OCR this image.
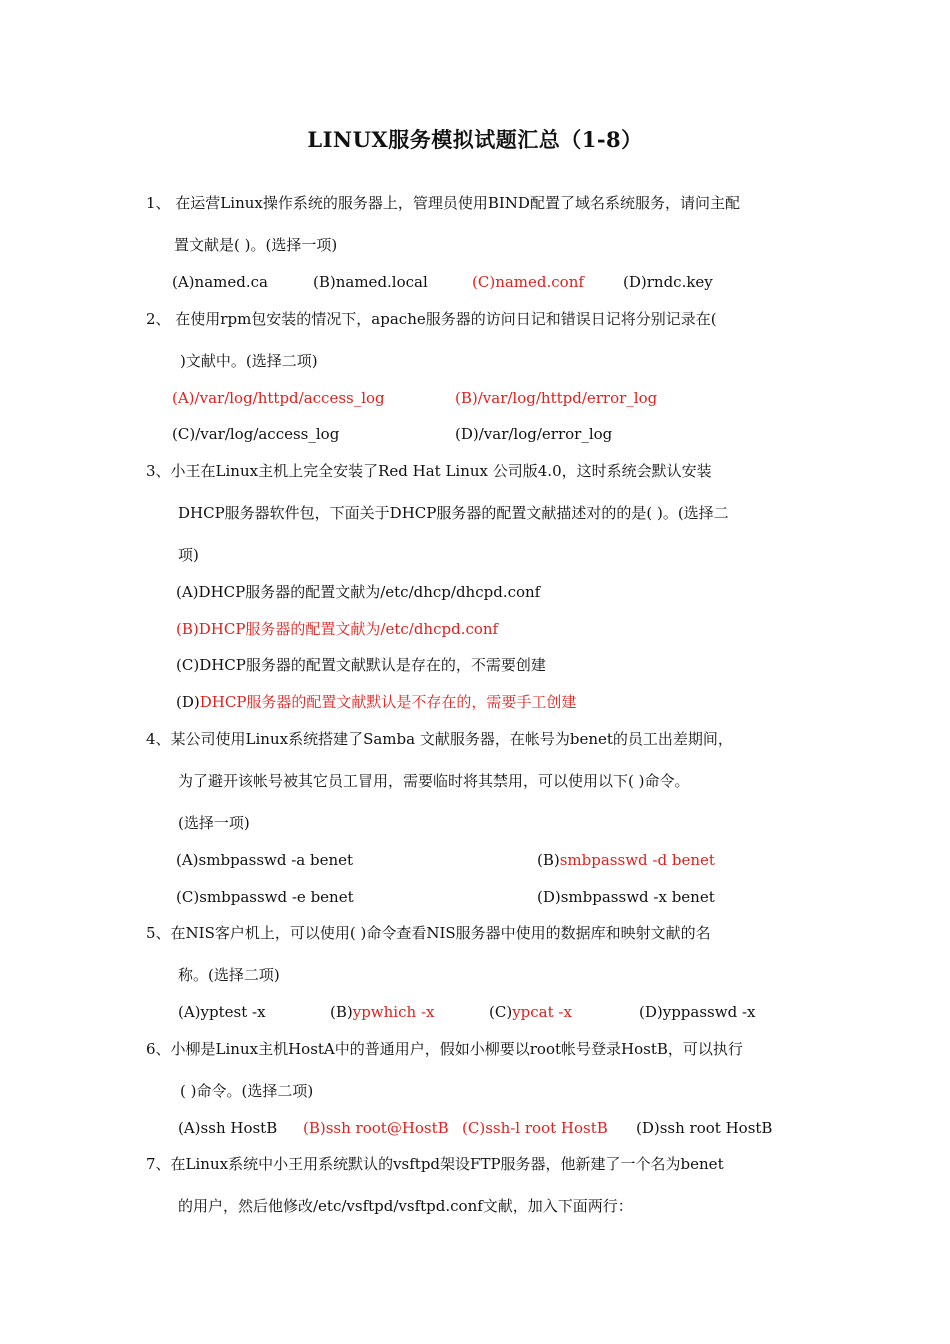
LINUX服务模拟试题汇总（1-8）
1、 在运营Linux操作系统的服务器上，管理员使用BIND配置了域名系统服务，请问主配
置文献是( )。(选择一项)
(A)named.ca	(B)named.local	(C)named.conf	(D)rndc.key
2、 在使用rpm包安装的情况下，apache服务器的访问日记和错误日记将分别记录在(
)文献中。(选择二项)
(A)/var/log/httpd/access_log	(B)/var/log/httpd/error_log
(C)/var/log/access_log	(D)/var/log/error_log
3、小王在Linux主机上完全安装了Red Hat Linux 公司版4.0，这时系统会默认安装
DHCP服务器软件包，下面关于DHCP服务器的配置文献描述对的的是( )。(选择二
项)
(A)DHCP服务器的配置文献为/etc/dhcp/dhcpd.conf
(B)DHCP服务器的配置文献为/etc/dhcpd.conf
(C)DHCP服务器的配置文献默认是存在的，不需要创建
(D)DHCP服务器的配置文献默认是不存在的，需要手工创建
4、某公司使用Linux系统搭建了Samba 文献服务器，在帐号为benet的员工出差期间，
为了避开该帐号被其它员工冒用，需要临时将其禁用，可以使用以下( )命令。
(选择一项)
(A)smbpasswd -a benet	(B)smbpasswd -d benet
(C)smbpasswd -e benet	(D)smbpasswd -x benet
5、在NIS客户机上，可以使用( )命令查看NIS服务器中使用的数据库和映射文献的名
称。(选择二项)
(A)yptest -x	(B)ypwhich -x	(C)ypcat -x	(D)yppasswd -x
6、小柳是Linux主机HostA中的普通用户，假如小柳要以root帐号登录HostB，可以执行
( )命令。(选择二项)
(A)ssh HostB (B)ssh root@HostB (C)ssh-l root HostB (D)ssh root HostB
7、在Linux系统中小王用系统默认的vsftpd架设FTP服务器，他新建了一个名为benet
的用户，然后他修改/etc/vsftpd/vsftpd.conf文献，加入下面两行：
